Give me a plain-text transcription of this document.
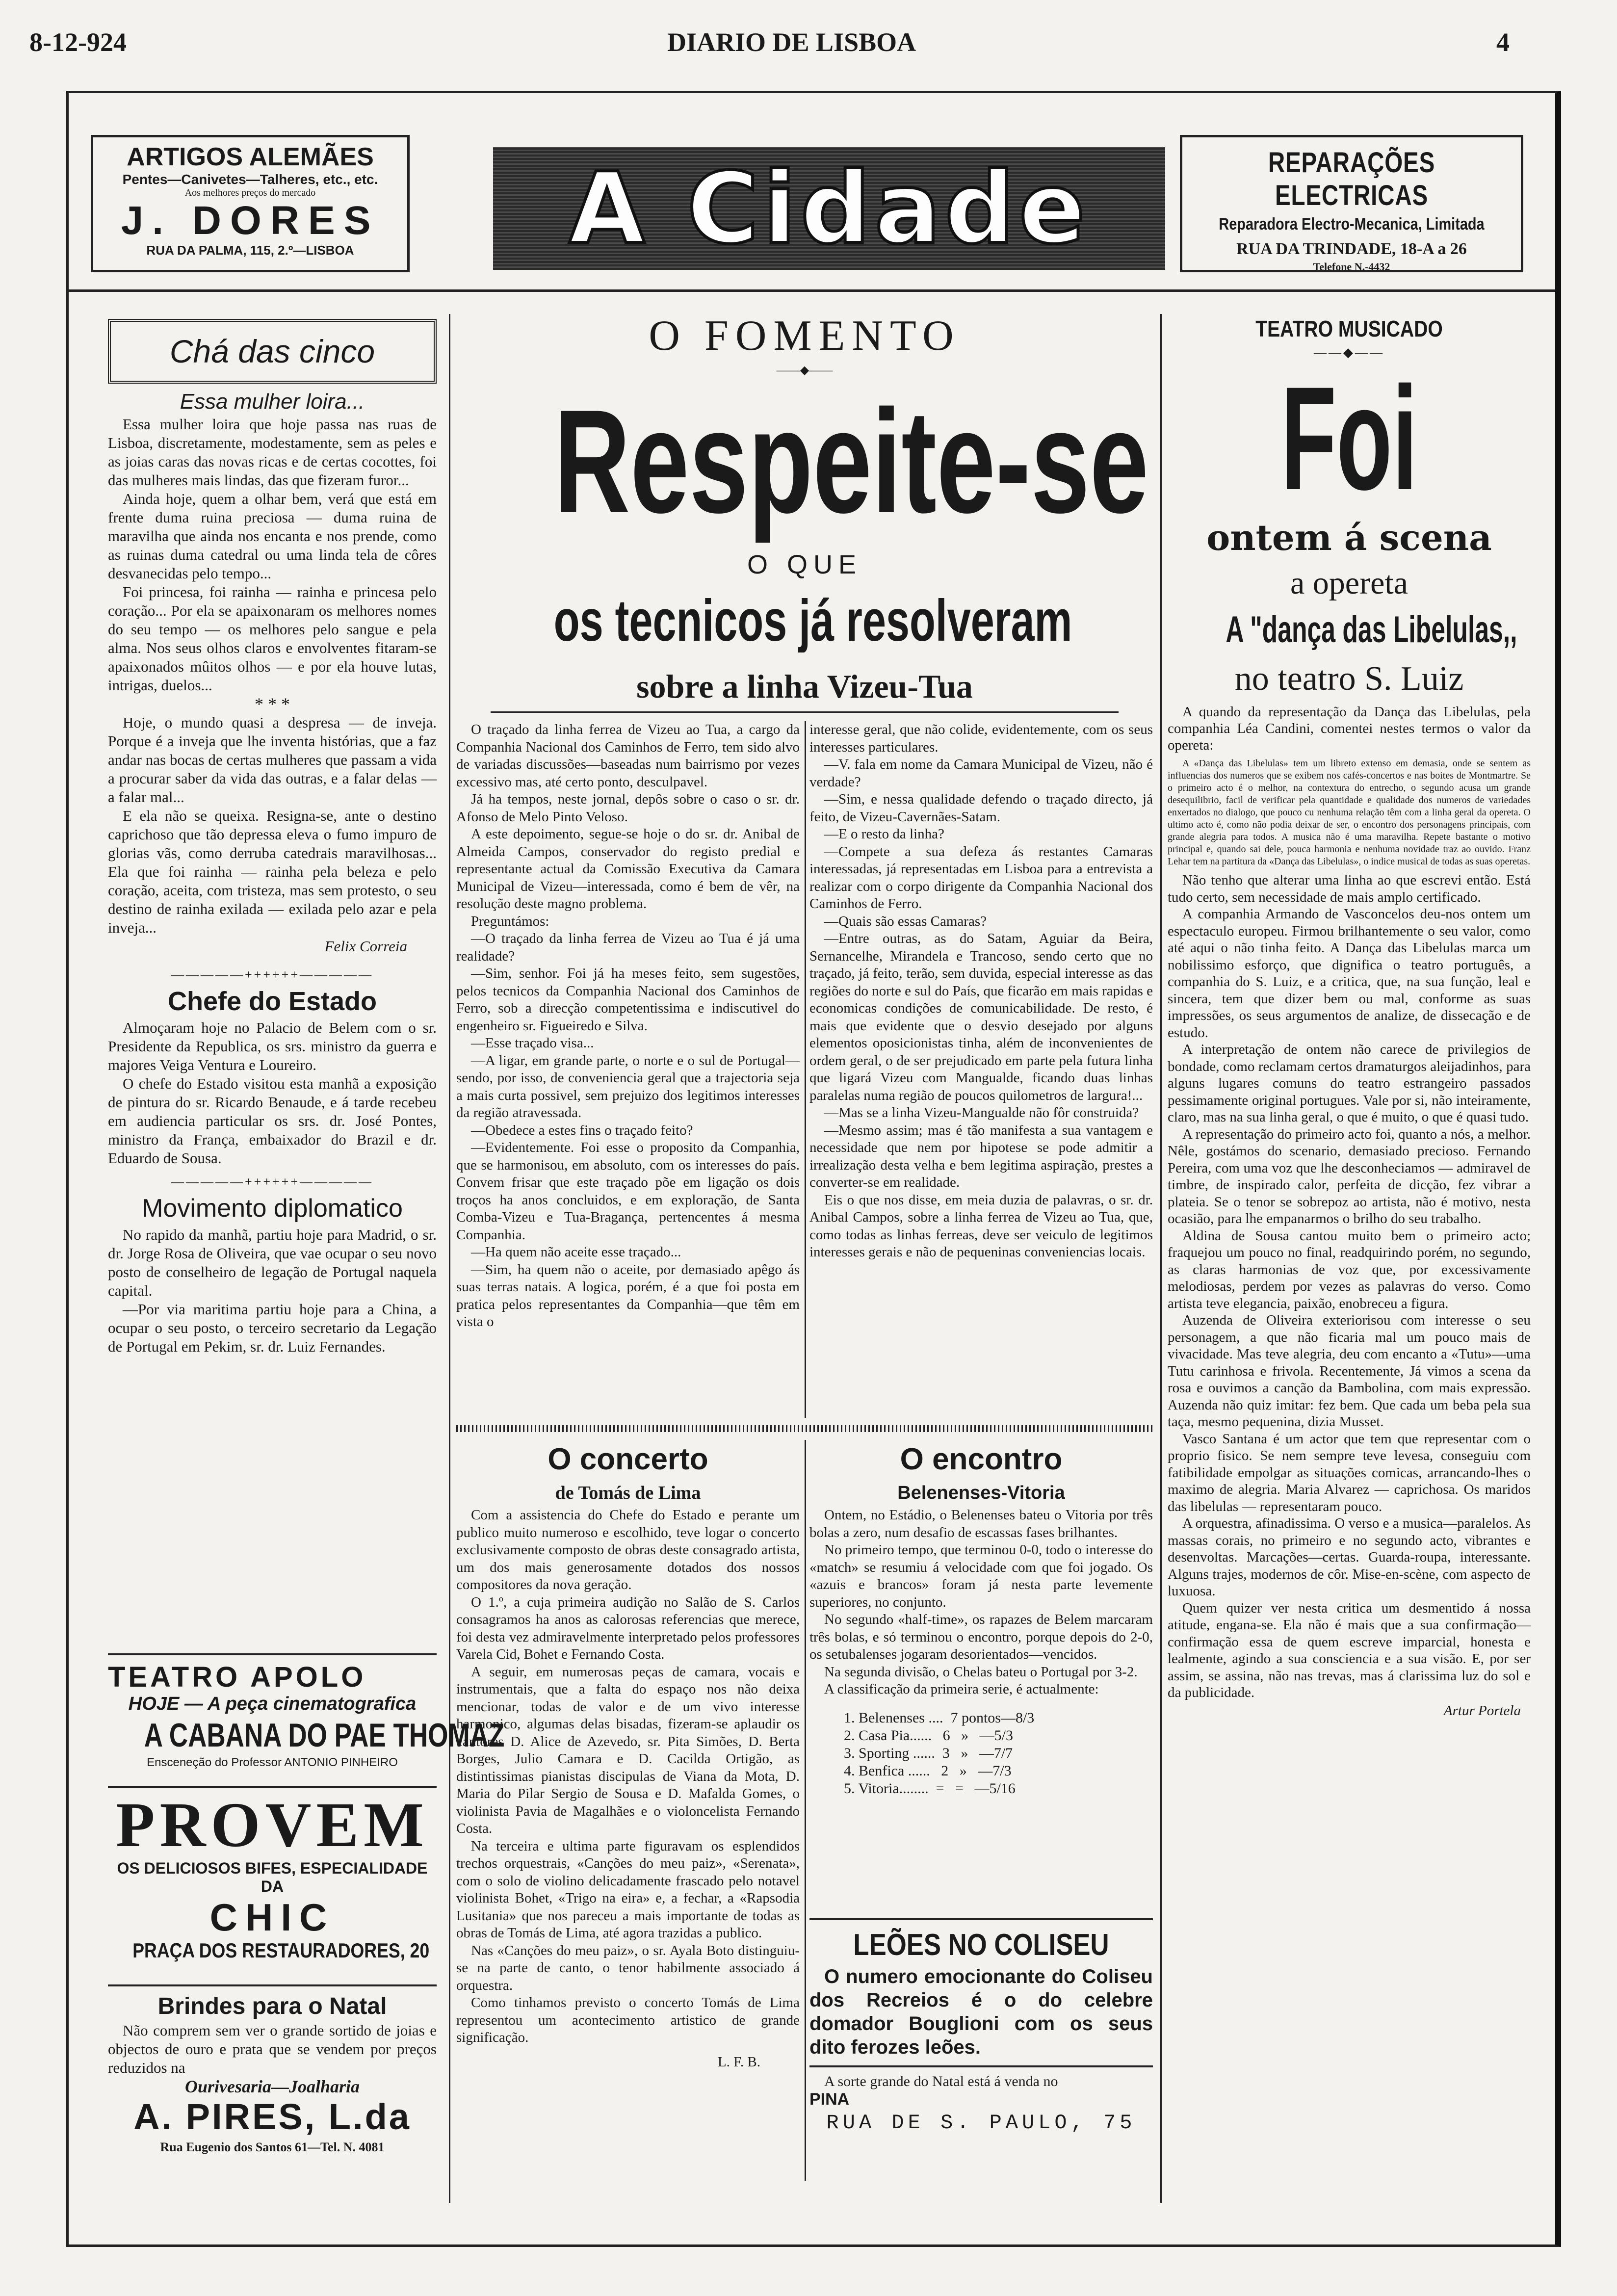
8-12-924	DIARIO DE LISBOA	4
ARTIGOS ALEMÃES
Pentes—Canivetes—Talheres, etc., etc.
Aos melhores preços do mercado
J. DORES
RUA DA PALMA, 115, 2.º—LISBOA	A Cidade	REPARAÇÕES ELECTRICAS
Reparadora Electro-Mecanica, Limitada
RUA DA TRINDADE, 18-A a 26
Telefone N.-4432
Chá das cinco
Essa mulher loira...

Essa mulher loira que hoje passa nas ruas de Lisboa, discretamente, modestamente, sem as peles e as joias caras das novas ricas e de certas cocottes, foi das mulheres mais lindas, das que fizeram furor...

Ainda hoje, quem a olhar bem, verá que está em frente duma ruina preciosa — duma ruina de maravilha que ainda nos encanta e nos prende, como as ruinas duma catedral ou uma linda tela de côres desvanecidas pelo tempo...

Foi princesa, foi rainha — rainha e princesa pelo coração... Por ela se apaixonaram os melhores nomes do seu tempo — os melhores pelo sangue e pela alma. Nos seus olhos claros e envolventes fitaram-se apaixonados mûitos olhos — e por ela houve lutas, intrigas, duelos...

* * *

Hoje, o mundo quasi a despresa — de inveja. Porque é a inveja que lhe inventa histórias, que a faz andar nas bocas de certas mulheres que passam a vida a procurar saber da vida das outras, e a falar delas — a falar mal...

E ela não se queixa. Resigna-se, ante o destino caprichoso que tão depressa eleva o fumo impuro de glorias vãs, como derruba catedrais maravilhosas... Ela que foi rainha — rainha pela beleza e pelo coração, aceita, com tristeza, mas sem protesto, o seu destino de rainha exilada — exilada pelo azar e pela inveja...

Felix Correia
—————++++++—————
Chefe do Estado

Almoçaram hoje no Palacio de Belem com o sr. Presidente da Republica, os srs. ministro da guerra e majores Veiga Ventura e Loureiro.

O chefe do Estado visitou esta manhã a exposição de pintura do sr. Ricardo Benaude, e á tarde recebeu em audiencia particular os srs. dr. José Pontes, ministro da França, embaixador do Brazil e dr. Eduardo de Sousa.

—————++++++—————
Movimento diplomatico

No rapido da manhã, partiu hoje para Madrid, o sr. dr. Jorge Rosa de Oliveira, que vae ocupar o seu novo posto de conselheiro de legação de Portugal naquela capital.

—Por via maritima partiu hoje para a China, a ocupar o seu posto, o terceiro secretario da Legação de Portugal em Pekim, sr. dr. Luiz Fernandes.

TEATRO APOLO
HOJE — A peça cinematografica
A CABANA DO PAE THOMAZ
Ensceneção do Professor ANTONIO PINHEIRO
PROVEM
OS DELICIOSOS BIFES, ESPECIALIDADE DA
CHIC
PRAÇA DOS RESTAURADORES, 20
Brindes para o Natal

Não comprem sem ver o grande sortido de joias e objectos de ouro e prata que se vendem por preços reduzidos na

Ourivesaria—Joalharia
A. PIRES, L.da
Rua Eugenio dos Santos 61—Tel. N. 4081
O FOMENTO
——◆——
Respeite-se
O QUE
os tecnicos já resolveram
sobre a linha Vizeu-Tua

O traçado da linha ferrea de Vizeu ao Tua, a cargo da Companhia Nacional dos Caminhos de Ferro, tem sido alvo de variadas discussões—baseadas num bairrismo por vezes excessivo mas, até certo ponto, desculpavel.

Já ha tempos, neste jornal, depôs sobre o caso o sr. dr. Afonso de Melo Pinto Veloso.

A este depoimento, segue-se hoje o do sr. dr. Anibal de Almeida Campos, conservador do registo predial e representante actual da Comissão Executiva da Camara Municipal de Vizeu—interessada, como é bem de vêr, na resolução deste magno problema.

Preguntámos:

—O traçado da linha ferrea de Vizeu ao Tua é já uma realidade?

—Sim, senhor. Foi já ha meses feito, sem sugestões, pelos tecnicos da Companhia Nacional dos Caminhos de Ferro, sob a direcção competentissima e indiscutivel do engenheiro sr. Figueiredo e Silva.

—Esse traçado visa...

—A ligar, em grande parte, o norte e o sul de Portugal—sendo, por isso, de conveniencia geral que a trajectoria seja a mais curta possivel, sem prejuizo dos legitimos interesses da região atravessada.

—Obedece a estes fins o traçado feito?

—Evidentemente. Foi esse o proposito da Companhia, que se harmonisou, em absoluto, com os interesses do país. Convem frisar que este traçado põe em ligação os dois troços ha anos concluidos, e em exploração, de Santa Comba-Vizeu e Tua-Bragança, pertencentes á mesma Companhia.

—Ha quem não aceite esse traçado...

—Sim, ha quem não o aceite, por demasiado apêgo ás suas terras natais. A logica, porém, é a que foi posta em pratica pelos representantes da Companhia—que têm em vista o

interesse geral, que não colide, evidentemente, com os seus interesses particulares.

—V. fala em nome da Camara Municipal de Vizeu, não é verdade?

—Sim, e nessa qualidade defendo o traçado directo, já feito, de Vizeu-Cavernães-Satam.

—E o resto da linha?

—Compete a sua defeza ás restantes Camaras interessadas, já representadas em Lisboa para a entrevista a realizar com o corpo dirigente da Companhia Nacional dos Caminhos de Ferro.

—Quais são essas Camaras?

—Entre outras, as do Satam, Aguiar da Beira, Sernancelhe, Mirandela e Trancoso, sendo certo que no traçado, já feito, terão, sem duvida, especial interesse as das regiões do norte e sul do País, que ficarão em mais rapidas e economicas condições de comunicabilidade. De resto, é mais que evidente que o desvio desejado por alguns elementos oposicionistas tinha, além de inconvenientes de ordem geral, o de ser prejudicado em parte pela futura linha que ligará Vizeu com Mangualde, ficando duas linhas paralelas numa região de poucos quilometros de largura!...

—Mas se a linha Vizeu-Mangualde não fôr construida?

—Mesmo assim; mas é tão manifesta a sua vantagem e necessidade que nem por hipotese se pode admitir a irrealização desta velha e bem legitima aspiração, prestes a converter-se em realidade.

Eis o que nos disse, em meia duzia de palavras, o sr. dr. Anibal Campos, sobre a linha ferrea de Vizeu ao Tua, que, como todas as linhas ferreas, deve ser veiculo de legitimos interesses gerais e não de pequeninas conveniencias locais.

O concerto
de Tomás de Lima

Com a assistencia do Chefe do Estado e perante um publico muito numeroso e escolhido, teve logar o concerto exclusivamente composto de obras deste consagrado artista, um dos mais generosamente dotados dos nossos compositores da nova geração.

O 1.º, a cuja primeira audição no Salão de S. Carlos consagramos ha anos as calorosas referencias que merece, foi desta vez admiravelmente interpretado pelos professores Varela Cid, Bohet e Fernando Costa.

A seguir, em numerosas peças de camara, vocais e instrumentais, que a falta do espaço nos não deixa mencionar, todas de valor e de um vivo interesse harmonico, algumas delas bisadas, fizeram-se aplaudir os cantores D. Alice de Azevedo, sr. Pita Simões, D. Berta Borges, Julio Camara e D. Cacilda Ortigão, as distintissimas pianistas discipulas de Viana da Mota, D. Maria do Pilar Sergio de Sousa e D. Mafalda Gomes, o violinista Pavia de Magalhães e o violoncelista Fernando Costa.

Na terceira e ultima parte figuravam os esplendidos trechos orquestrais, «Canções do meu paiz», «Serenata», com o solo de violino delicadamente frascado pelo notavel violinista Bohet, «Trigo na eira» e, a fechar, a «Rapsodia Lusitania» que nos pareceu a mais importante de todas as obras de Tomás de Lima, até agora trazidas a publico.

Nas «Canções do meu paiz», o sr. Ayala Boto distinguiu-se na parte de canto, o tenor habilmente associado á orquestra.

Como tinhamos previsto o concerto Tomás de Lima representou um acontecimento artistico de grande significação.

L. F. B.
O encontro
Belenenses-Vitoria

Ontem, no Estádio, o Belenenses bateu o Vitoria por três bolas a zero, num desafio de escassas fases brilhantes.

No primeiro tempo, que terminou 0-0, todo o interesse do «match» se resumiu á velocidade com que foi jogado. Os «azuis e brancos» foram já nesta parte levemente superiores, no conjunto.

No segundo «half-time», os rapazes de Belem marcaram três bolas, e só terminou o encontro, porque depois do 2-0, os setubalenses jogaram desorientados—vencidos.

Na segunda divisão, o Chelas bateu o Portugal por 3-2.

A classificação da primeira serie, é actualmente:

1. Belenenses ....  7 pontos—8/3
2. Casa Pia......   6   »   —5/3
3. Sporting ......  3   »   —7/7
4. Benfica ......   2   »   —7/3
5. Vitoria........  =   =   —5/16
LEÕES NO COLISEU
O numero emocionante do Coliseu dos Recreios é o do celebre domador Bouglioni com os seus dito ferozes leões.
A sorte grande do Natal está á venda no
PINA
RUA DE S. PAULO, 75
TEATRO MUSICADO
——◆——
Foi
ontem á scena
a opereta
A "dança das Libelulas,,
no teatro S. Luiz

A quando da representação da Dança das Libelulas, pela companhia Léa Candini, comentei nestes termos o valor da opereta:

A «Dança das Libelulas» tem um libreto extenso em demasia, onde se sentem as influencias dos numeros que se exibem nos cafés-concertos e nas boites de Montmartre. Se o primeiro acto é o melhor, na contextura do entrecho, o segundo acusa um grande desequilibrio, facil de verificar pela quantidade e qualidade dos numeros de variedades enxertados no dialogo, que pouco cu nenhuma relação têm com a linha geral da opereta. O ultimo acto é, como não podia deixar de ser, o encontro dos personagens principais, com grande alegria para todos. A musica não é uma maravilha. Repete bastante o motivo principal e, quando sai dele, pouca harmonia e nenhuma novidade traz ao ouvido. Franz Lehar tem na partitura da «Dança das Libelulas», o indice musical de todas as suas operetas.

Não tenho que alterar uma linha ao que escrevi então. Está tudo certo, sem necessidade de mais amplo certificado.

A companhia Armando de Vasconcelos deu-nos ontem um espectaculo europeu. Firmou brilhantemente o seu valor, como até aqui o não tinha feito. A Dança das Libelulas marca um nobilissimo esforço, que dignifica o teatro português, a companhia do S. Luiz, e a critica, que, na sua função, leal e sincera, tem que dizer bem ou mal, conforme as suas impressões, os seus argumentos de analize, de dissecação e de estudo.

A interpretação de ontem não carece de privilegios de bondade, como reclamam certos dramaturgos aleijadinhos, para alguns lugares comuns do teatro estrangeiro passados pessimamente original portugues. Vale por si, não inteiramente, claro, mas na sua linha geral, o que é muito, o que é quasi tudo.

A representação do primeiro acto foi, quanto a nós, a melhor. Nêle, gostámos do scenario, demasiado precioso. Fernando Pereira, com uma voz que lhe desconheciamos — admiravel de timbre, de inspirado calor, perfeita de dicção, fez vibrar a plateia. Se o tenor se sobrepoz ao artista, não é motivo, nesta ocasião, para lhe empanarmos o brilho do seu trabalho.

Aldina de Sousa cantou muito bem o primeiro acto; fraquejou um pouco no final, readquirindo porém, no segundo, as claras harmonias de voz que, por excessivamente melodiosas, perdem por vezes as palavras do verso. Como artista teve elegancia, paixão, enobreceu a figura.

Auzenda de Oliveira exteriorisou com interesse o seu personagem, a que não ficaria mal um pouco mais de vivacidade. Mas teve alegria, deu com encanto a «Tutu»—uma Tutu carinhosa e frivola. Recentemente, Já vimos a scena da rosa e ouvimos a canção da Bambolina, com mais expressão. Auzenda não quiz imitar: fez bem. Que cada um beba pela sua taça, mesmo pequenina, dizia Musset.

Vasco Santana é um actor que tem que representar com o proprio fisico. Se nem sempre teve levesa, conseguiu com fatibilidade empolgar as situações comicas, arrancando-lhes o maximo de alegria. Maria Alvarez — caprichosa. Os maridos das libelulas — representaram pouco.

A orquestra, afinadissima. O verso e a musica—paralelos. As massas corais, no primeiro e no segundo acto, vibrantes e desenvoltas. Marcações—certas. Guarda-roupa, interessante. Alguns trajes, modernos de côr. Mise-en-scène, com aspecto de luxuosa.

Quem quizer ver nesta critica um desmentido á nossa atitude, engana-se. Ela não é mais que a sua confirmação—confirmação essa de quem escreve imparcial, honesta e lealmente, agindo a sua consciencia e a sua visão. E, por ser assim, se assina, não nas trevas, mas á clarissima luz do sol e da publicidade.

Artur Portela
